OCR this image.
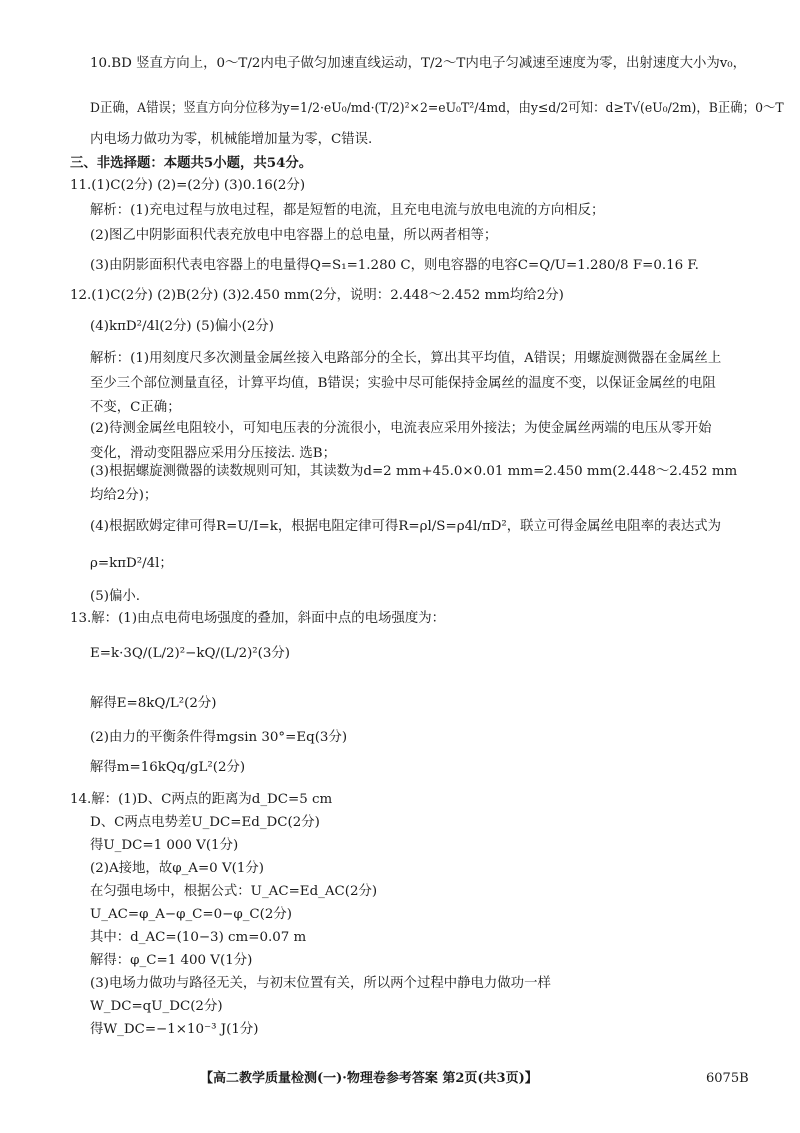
10.BD 竖直方向上，0～T/2内电子做匀加速直线运动，T/2～T内电子匀减速至速度为零，出射速度大小为v₀，
D正确，A错误；竖直方向分位移为y=1/2·eU₀/md·(T/2)²×2=eU₀T²/4md，由y≤d/2可知：d≥T√(eU₀/2m)，B正确；0～T
内电场力做功为零，机械能增加量为零，C错误.
三、非选择题：本题共5小题，共54分。
11.(1)C(2分) (2)=(2分) (3)0.16(2分)
解析：(1)充电过程与放电过程，都是短暂的电流，且充电电流与放电电流的方向相反；
(2)图乙中阴影面积代表充放电中电容器上的总电量，所以两者相等；
(3)由阴影面积代表电容器上的电量得Q=S₁=1.280 C，则电容器的电容C=Q/U=1.280/8 F=0.16 F.
12.(1)C(2分) (2)B(2分) (3)2.450 mm(2分，说明：2.448～2.452 mm均给2分)
(4)kπD²/4l(2分) (5)偏小(2分)
解析：(1)用刻度尺多次测量金属丝接入电路部分的全长，算出其平均值，A错误；用螺旋测微器在金属丝上
至少三个部位测量直径，计算平均值，B错误；实验中尽可能保持金属丝的温度不变，以保证金属丝的电阻
不变，C正确；
(2)待测金属丝电阻较小，可知电压表的分流很小，电流表应采用外接法；为使金属丝两端的电压从零开始
变化，滑动变阻器应采用分压接法. 选B；
(3)根据螺旋测微器的读数规则可知，其读数为d=2 mm+45.0×0.01 mm=2.450 mm(2.448～2.452 mm
均给2分)；
(4)根据欧姆定律可得R=U/I=k，根据电阻定律可得R=ρl/S=ρ4l/πD²，联立可得金属丝电阻率的表达式为
ρ=kπD²/4l；
(5)偏小.
13.解：(1)由点电荷电场强度的叠加，斜面中点的电场强度为：
E=k·3Q/(L/2)²−kQ/(L/2)²(3分)
解得E=8kQ/L²(2分)
(2)由力的平衡条件得mgsin 30°=Eq(3分)
解得m=16kQq/gL²(2分)
14.解：(1)D、C两点的距离为d_DC=5 cm
D、C两点电势差U_DC=Ed_DC(2分)
得U_DC=1 000 V(1分)
(2)A接地，故φ_A=0 V(1分)
在匀强电场中，根据公式：U_AC=Ed_AC(2分)
U_AC=φ_A−φ_C=0−φ_C(2分)
其中：d_AC=(10−3) cm=0.07 m
解得：φ_C=1 400 V(1分)
(3)电场力做功与路径无关，与初末位置有关，所以两个过程中静电力做功一样
W_DC=qU_DC(2分)
得W_DC=−1×10⁻³ J(1分)
【高二教学质量检测(一)·物理卷参考答案 第2页(共3页)】	6075B
